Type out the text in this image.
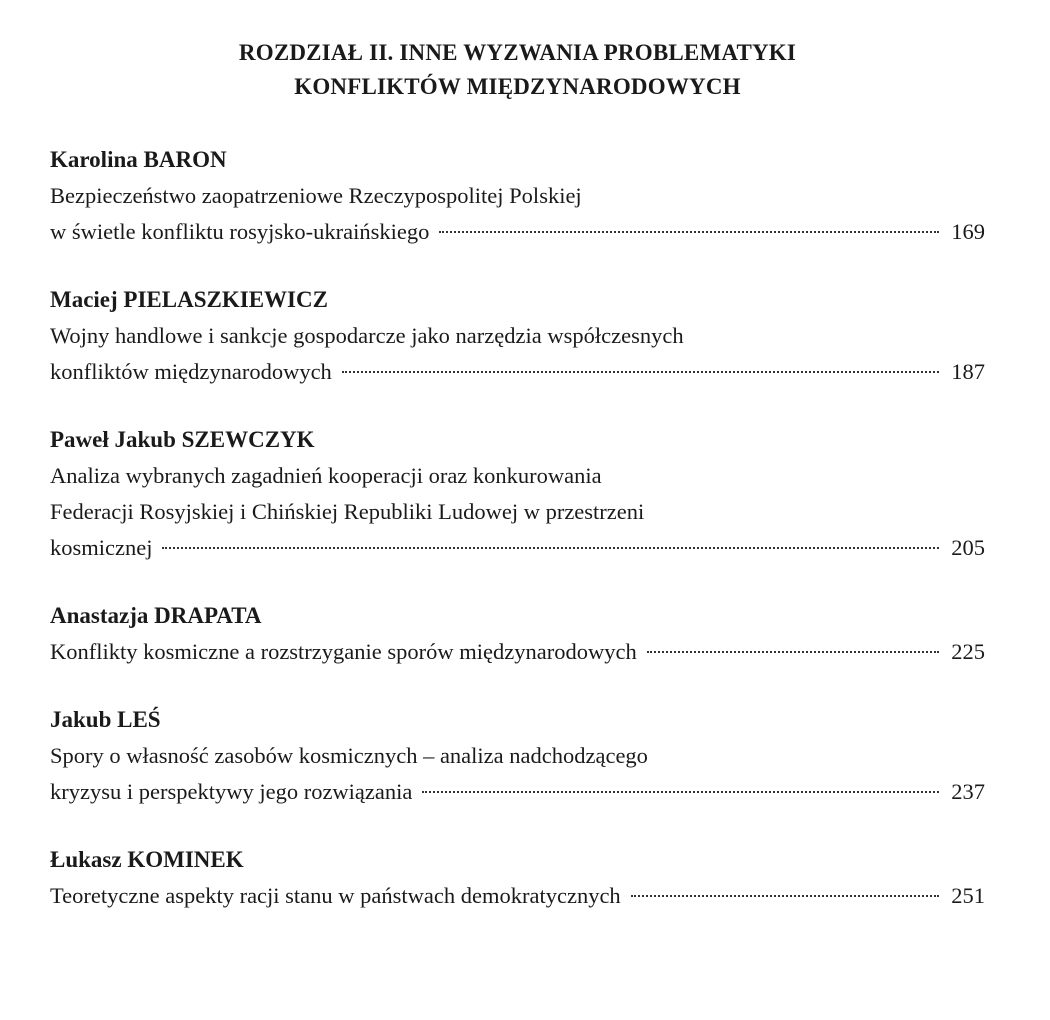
ROZDZIAŁ II. INNE WYZWANIA PROBLEMATYKI
KONFLIKTÓW MIĘDZYNARODOWYCH
Karolina BARON
Bezpieczeństwo zaopatrzeniowe Rzeczypospolitej Polskiej
w świetle konfliktu rosyjsko-ukraińskiego	169
Maciej PIELASZKIEWICZ
Wojny handlowe i sankcje gospodarcze jako narzędzia współczesnych
konfliktów międzynarodowych	187
Paweł Jakub SZEWCZYK
Analiza wybranych zagadnień kooperacji oraz konkurowania
Federacji Rosyjskiej i Chińskiej Republiki Ludowej w przestrzeni
kosmicznej	205
Anastazja DRAPATA
Konflikty kosmiczne a rozstrzyganie sporów międzynarodowych	225
Jakub LEŚ
Spory o własność zasobów kosmicznych – analiza nadchodzącego
kryzysu i perspektywy jego rozwiązania	237
Łukasz KOMINEK
Teoretyczne aspekty racji stanu w państwach demokratycznych	251
